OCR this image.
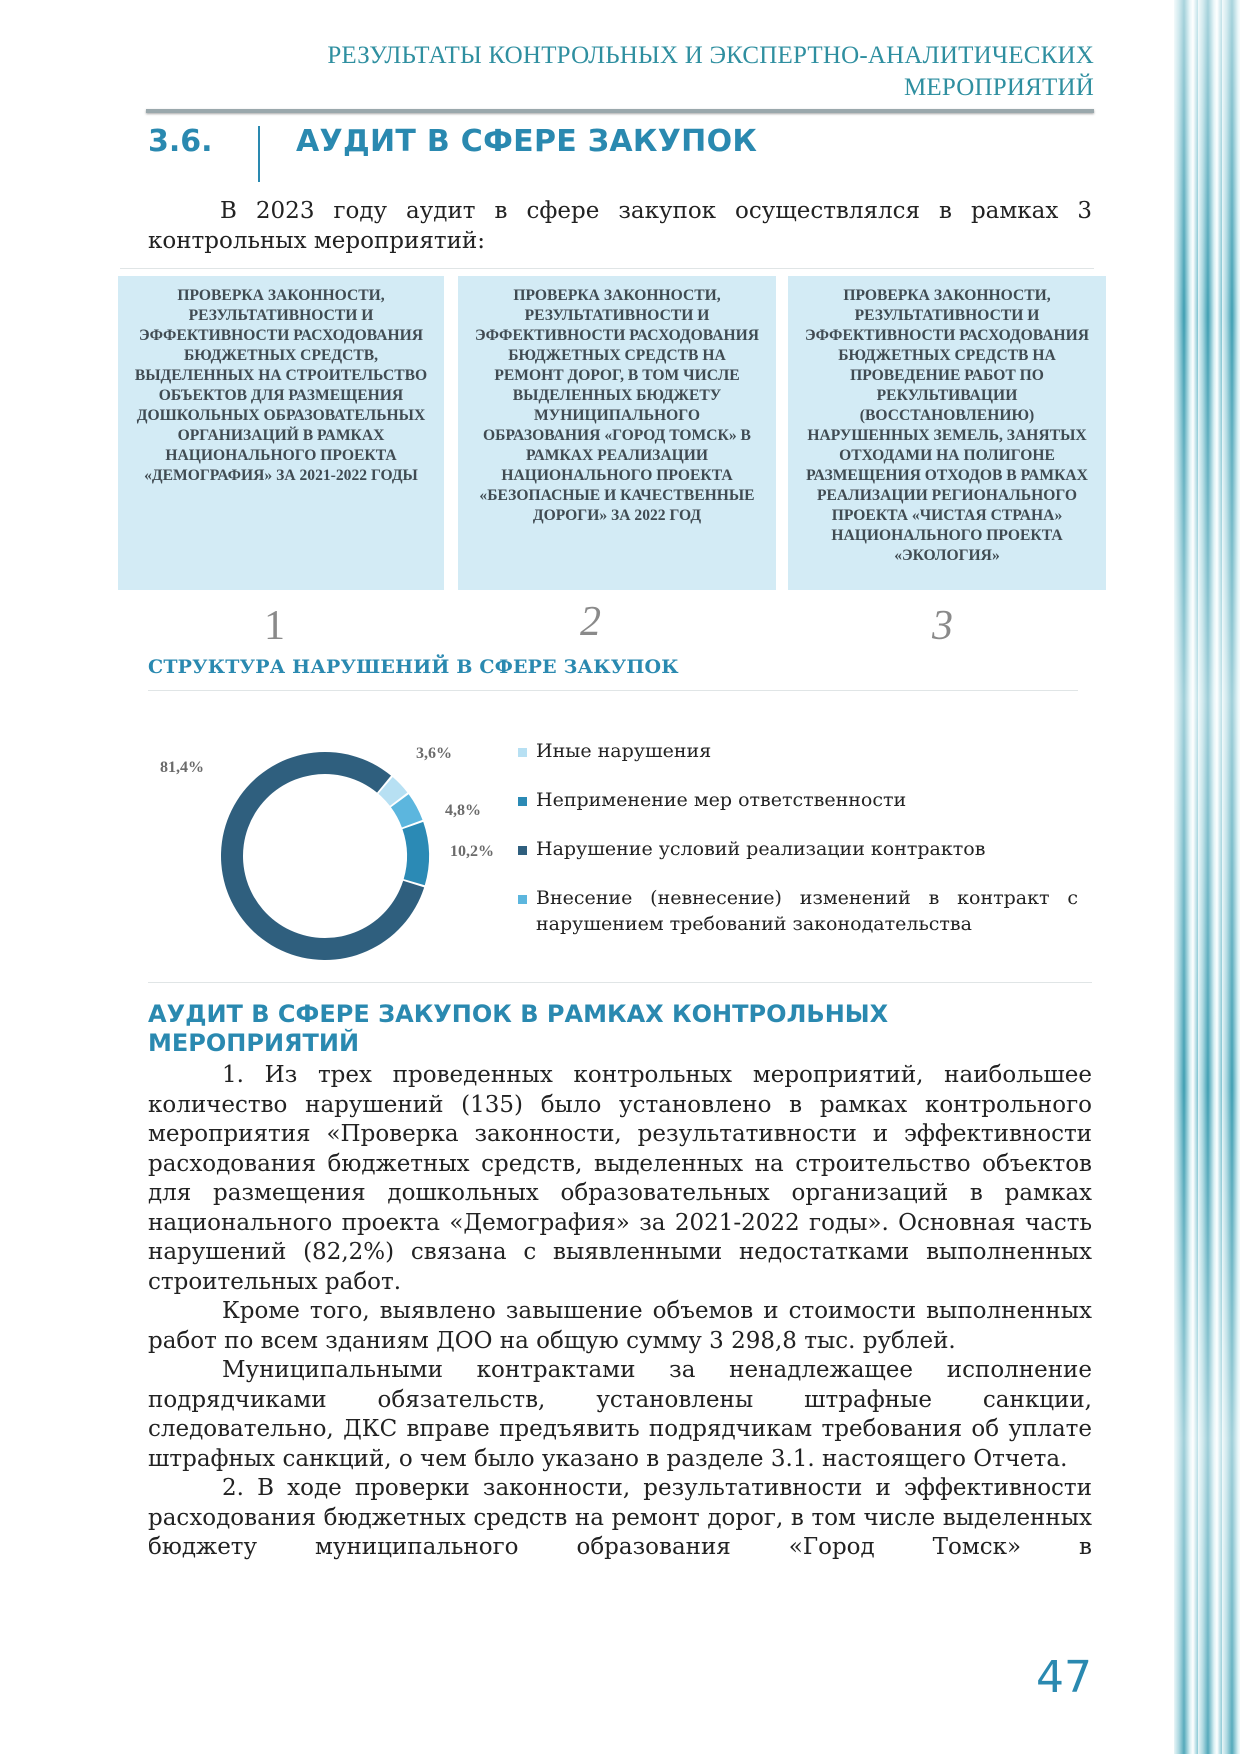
РЕЗУЛЬТАТЫ КОНТРОЛЬНЫХ И ЭКСПЕРТНО-АНАЛИТИЧЕСКИХ
МЕРОПРИЯТИЙ

3.6.	АУДИТ В СФЕРЕ ЗАКУПОК

В 2023 году аудит в сфере закупок осуществлялся в рамках 3 контрольных мероприятий:

ПРОВЕРКА ЗАКОННОСТИ, РЕЗУЛЬТАТИВНОСТИ И ЭФФЕКТИВНОСТИ РАСХОДОВАНИЯ БЮДЖЕТНЫХ СРЕДСТВ, ВЫДЕЛЕННЫХ НА СТРОИТЕЛЬСТВО ОБЪЕКТОВ ДЛЯ РАЗМЕЩЕНИЯ ДОШКОЛЬНЫХ ОБРАЗОВАТЕЛЬНЫХ ОРГАНИЗАЦИЙ В РАМКАХ НАЦИОНАЛЬНОГО ПРОЕКТА «ДЕМОГРАФИЯ» ЗА 2021-2022 ГОДЫ

ПРОВЕРКА ЗАКОННОСТИ, РЕЗУЛЬТАТИВНОСТИ И ЭФФЕКТИВНОСТИ РАСХОДОВАНИЯ БЮДЖЕТНЫХ СРЕДСТВ НА РЕМОНТ ДОРОГ, В ТОМ ЧИСЛЕ ВЫДЕЛЕННЫХ БЮДЖЕТУ МУНИЦИПАЛЬНОГО ОБРАЗОВАНИЯ «ГОРОД ТОМСК» В РАМКАХ РЕАЛИЗАЦИИ НАЦИОНАЛЬНОГО ПРОЕКТА «БЕЗОПАСНЫЕ И КАЧЕСТВЕННЫЕ ДОРОГИ» ЗА 2022 ГОД

ПРОВЕРКА ЗАКОННОСТИ, РЕЗУЛЬТАТИВНОСТИ И ЭФФЕКТИВНОСТИ РАСХОДОВАНИЯ БЮДЖЕТНЫХ СРЕДСТВ НА ПРОВЕДЕНИЕ РАБОТ ПО РЕКУЛЬТИВАЦИИ (ВОССТАНОВЛЕНИЮ) НАРУШЕННЫХ ЗЕМЕЛЬ, ЗАНЯТЫХ ОТХОДАМИ НА ПОЛИГОНЕ РАЗМЕЩЕНИЯ ОТХОДОВ В РАМКАХ РЕАЛИЗАЦИИ РЕГИОНАЛЬНОГО ПРОЕКТА «ЧИСТАЯ СТРАНА» НАЦИОНАЛЬНОГО ПРОЕКТА «ЭКОЛОГИЯ»

1	2	3

СТРУКТУРА НАРУШЕНИЙ В СФЕРЕ ЗАКУПОК

3,6%
10,2%
81,4%
4,8%
Иные нарушения
Неприменение мер ответственности
Нарушение условий реализации контрактов
Внесение (невнесение) изменений в контракт с нарушением требований законодательства

АУДИТ В СФЕРЕ ЗАКУПОК В РАМКАХ КОНТРОЛЬНЫХ МЕРОПРИЯТИЙ

1. Из трех проведенных контрольных мероприятий, наибольшее количество нарушений (135) было установлено в рамках контрольного мероприятия «Проверка законности, результативности и эффективности расходования бюджетных средств, выделенных на строительство объектов для размещения дошкольных образовательных организаций в рамках национального проекта «Демография» за 2021-2022 годы». Основная часть нарушений (82,2%) связана с выявленными недостатками выполненных строительных работ.

Кроме того, выявлено завышение объемов и стоимости выполненных работ по всем зданиям ДОО на общую сумму 3 298,8 тыс. рублей.

Муниципальными контрактами за ненадлежащее исполнение подрядчиками обязательств, установлены штрафные санкции, следовательно, ДКС вправе предъявить подрядчикам требования об уплате штрафных санкций, о чем было указано в разделе 3.1. настоящего Отчета.

2. В ходе проверки законности, результативности и эффективности расходования бюджетных средств на ремонт дорог, в том числе выделенных бюджету муниципального образования «Город Томск» в

47
